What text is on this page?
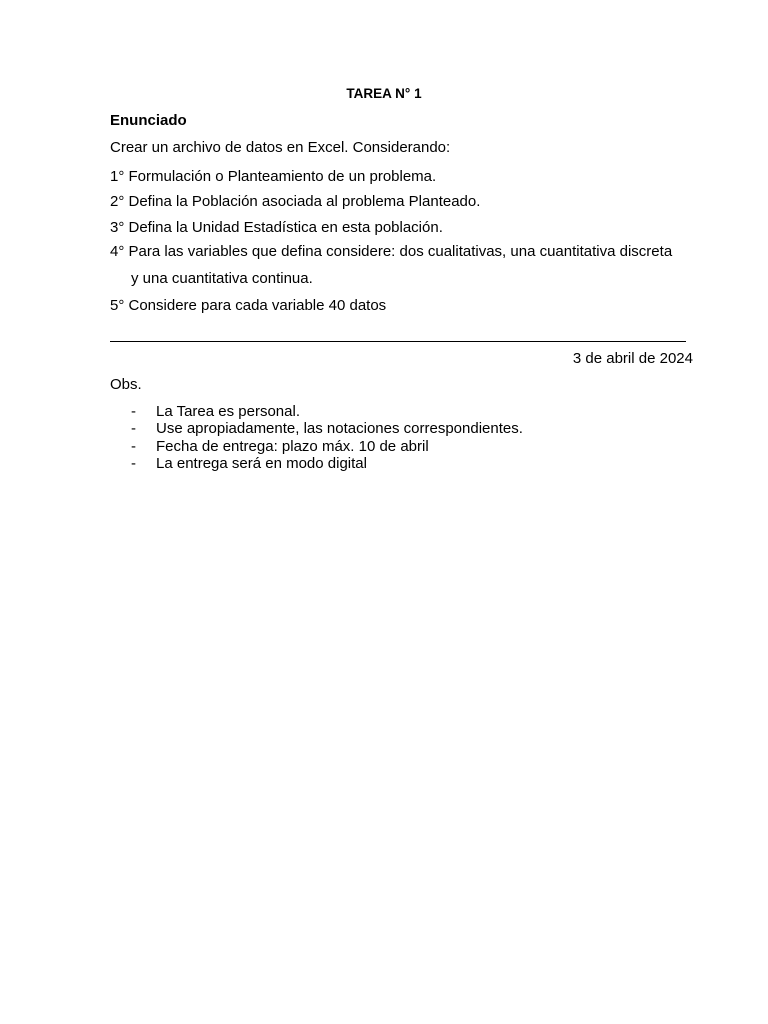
TAREA N° 1
Enunciado
Crear un archivo de datos en Excel. Considerando:
1° Formulación o Planteamiento de un problema.
2° Defina la Población asociada al problema Planteado.
3° Defina la Unidad Estadística en esta población.
4° Para las variables que defina considere: dos cualitativas, una cuantitativa discreta
y una cuantitativa continua.
5° Considere para cada variable 40 datos
3 de abril de 2024
Obs.
- La Tarea es personal.
- Use apropiadamente, las notaciones correspondientes.
- Fecha de entrega: plazo máx. 10 de abril
- La entrega será en modo digital
